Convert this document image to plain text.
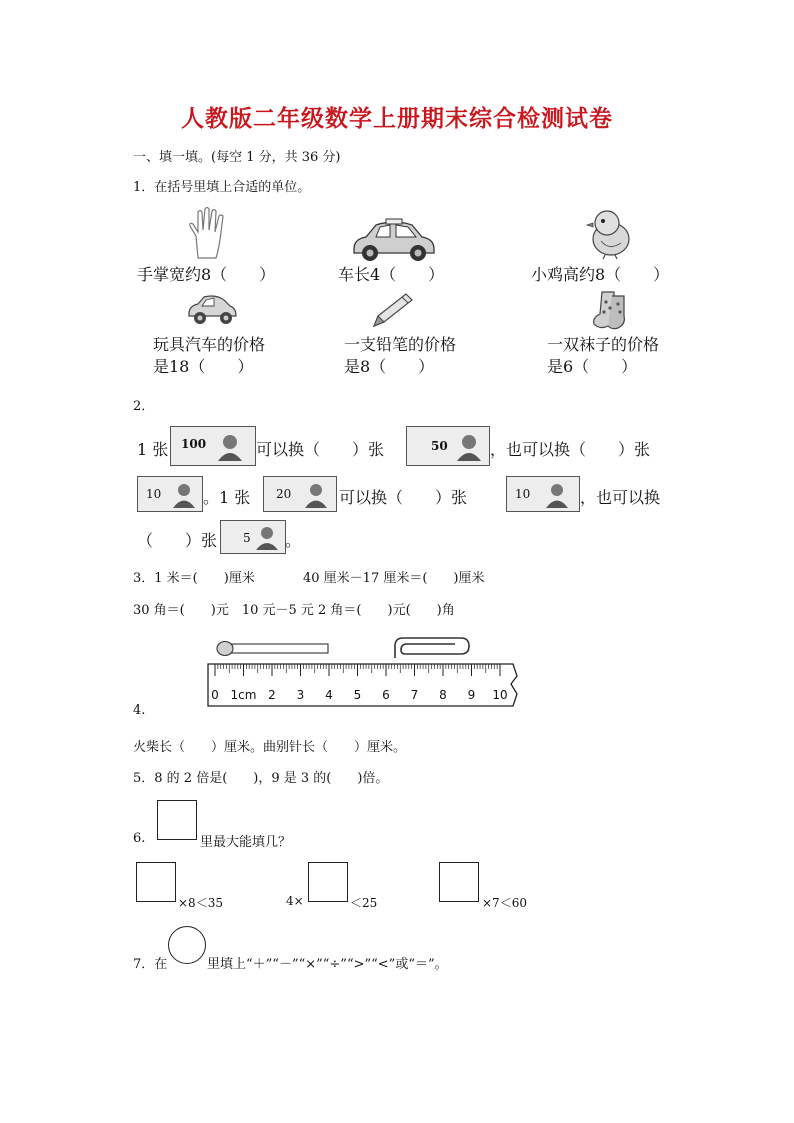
人教版二年级数学上册期末综合检测试卷
一、填一填。(每空 1 分，共 36 分)
1．在括号里填上合适的单位。
手掌宽约8（　　）	车长4（　　）	小鸡高约8（　　）
玩具汽车的价格
是18（　　）
一支铅笔的价格
是8（　　）
一双袜子的价格
是6（　　）
2．
1 张 100	可以换（　　）张	50	，也可以换（　　）张
10	。1 张 20	可以换（　　）张	10	，也可以换
（　　）张 5 。
3．1 米＝(　　)厘米	40 厘米－17 厘米＝(　　)厘米
30 角＝(　　)元　10 元－5 元 2 角＝(　　)元(　　)角
0 1cm 2 3 4 5 6 7 8 9 10
4.
火柴长（　　）厘米。曲别针长（　　）厘米。
5．8 的 2 倍是(　　)，9 是 3 的(　　)倍。
6.	里最大能填几？
×8＜35	4×	＜25	×7＜60
7．在	里填上“＋”“－”“×”“÷”“>”“<”或“＝”。
